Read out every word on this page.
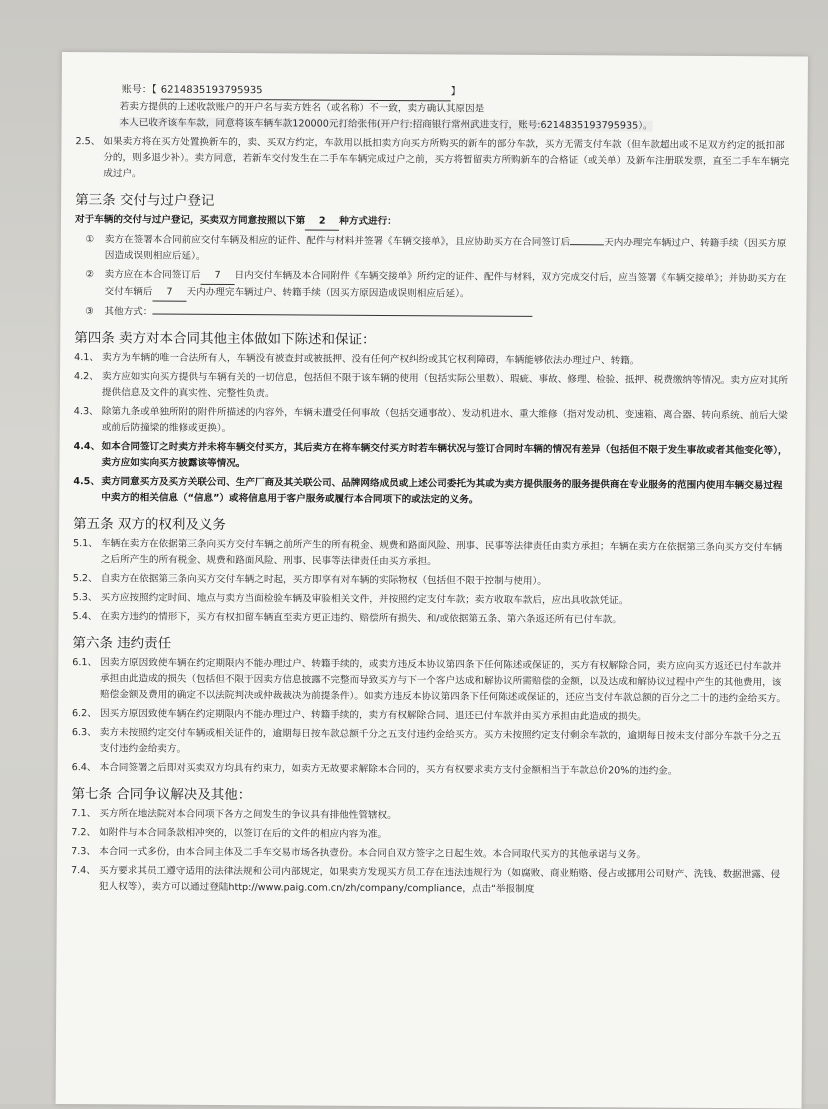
账号：【 6214835193795935	】

若卖方提供的上述收款账户的开户名与卖方姓名（或名称）不一致，卖方确认其原因是

本人已收齐该车车款，同意将该车辆车款120000元打给张伟(开户行:招商银行常州武进支行，账号:6214835193795935）。

2.5、 如果卖方将在买方处置换新车的，卖、买双方约定，车款用以抵扣卖方向买方所购买的新车的部分车款，买方无需支付车款（但车款超出或不足双方约定的抵扣部分的，则多退少补）。卖方同意，若新车交付发生在二手车车辆完成过户之前，买方将暂留卖方所购新车的合格证（或关单）及新车注册联发票，直至二手车车辆完成过户。
第三条 交付与过户登记

对于车辆的交付与过户登记，买卖双方同意按照以下第 2 种方式进行：

①	卖方在签署本合同前应交付车辆及相应的证件、配件与材料并签署《车辆交接单》，且应协助买方在合同签订后	天内办理完车辆过户、转籍手续（因买方原因造成误则相应后延）。
②	卖方应在本合同签订后 7 日内交付车辆及本合同附件《车辆交接单》所约定的证件、配件与材料，双方完成交付后，应当签署《车辆交接单》；并协助买方在交付车辆后 7 天内办理完车辆过户、转籍手续（因买方原因造成误则相应后延）。
③	其他方式：
第四条 卖方对本合同其他主体做如下陈述和保证：
4.1、 卖方为车辆的唯一合法所有人，车辆没有被查封或被抵押、没有任何产权纠纷或其它权利障碍，车辆能够依法办理过户、转籍。
4.2、 卖方应如实向买方提供与车辆有关的一切信息，包括但不限于该车辆的使用（包括实际公里数）、瑕疵、事故、修理、检验、抵押、税费缴纳等情况。卖方应对其所提供信息及文件的真实性、完整性负责。
4.3、 除第九条或单独所附的附件所描述的内容外，车辆未遭受任何事故（包括交通事故）、发动机进水、重大维修（指对发动机、变速箱、离合器、转向系统、前后大梁或前后防撞梁的维修或更换）。
4.4、 如本合同签订之时卖方并未将车辆交付买方，其后卖方在将车辆交付买方时若车辆状况与签订合同时车辆的情况有差异（包括但不限于发生事故或者其他变化等），卖方应如实向买方披露该等情况。
4.5、 卖方同意买方及买方关联公司、生产厂商及其关联公司、品牌网络成员或上述公司委托为其或为卖方提供服务的服务提供商在专业服务的范围内使用车辆交易过程中卖方的相关信息（“信息”）或将信息用于客户服务或履行本合同项下的或法定的义务。
第五条 双方的权利及义务
5.1、 车辆在卖方在依据第三条向买方交付车辆之前所产生的所有税金、规费和路面风险、刑事、民事等法律责任由卖方承担；车辆在卖方在依据第三条向买方交付车辆之后所产生的所有税金、规费和路面风险、刑事、民事等法律责任由买方承担。
5.2、 自卖方在依据第三条向买方交付车辆之时起，买方即享有对车辆的实际物权（包括但不限于控制与使用）。
5.3、 买方应按照约定时间、地点与卖方当面检验车辆及审验相关文件，并按照约定支付车款；卖方收取车款后，应出具收款凭证。
5.4、 在卖方违约的情形下，买方有权扣留车辆直至卖方更正违约、赔偿所有损失、和/或依据第五条、第六条返还所有已付车款。
第六条 违约责任
6.1、 因卖方原因致使车辆在约定期限内不能办理过户、转籍手续的，或卖方违反本协议第四条下任何陈述或保证的，买方有权解除合同，卖方应向买方返还已付车款并承担由此造成的损失（包括但不限于因卖方信息披露不完整而导致买方与下一个客户达成和解协议所需赔偿的金额，以及达成和解协议过程中产生的其他费用，该赔偿金额及费用的确定不以法院判决或仲裁裁决为前提条件）。如卖方违反本协议第四条下任何陈述或保证的，还应当支付车款总额的百分之二十的违约金给买方。
6.2、 因买方原因致使车辆在约定期限内不能办理过户、转籍手续的，卖方有权解除合同、退还已付车款并由买方承担由此造成的损失。
6.3、 卖方未按照约定交付车辆或相关证件的，逾期每日按车款总额千分之五支付违约金给买方。买方未按照约定支付剩余车款的，逾期每日按未支付部分车款千分之五支付违约金给卖方。
6.4、 本合同签署之后即对买卖双方均具有约束力，如卖方无故要求解除本合同的，买方有权要求卖方支付金额相当于车款总价20%的违约金。
第七条 合同争议解决及其他：
7.1、 买方所在地法院对本合同项下各方之间发生的争议具有排他性管辖权。
7.2、 如附件与本合同条款相冲突的，以签订在后的文件的相应内容为准。
7.3、 本合同一式多份，由本合同主体及二手车交易市场各执壹份。本合同自双方签字之日起生效。本合同取代买方的其他承诺与义务。
7.4、 买方要求其员工遵守适用的法律法规和公司内部规定，如果卖方发现买方员工存在违法违规行为（如腐败、商业贿赂、侵占或挪用公司财产、洗钱、数据泄露、侵犯人权等），卖方可以通过登陆http://www.paig.com.cn/zh/company/compliance，点击“举报制度
